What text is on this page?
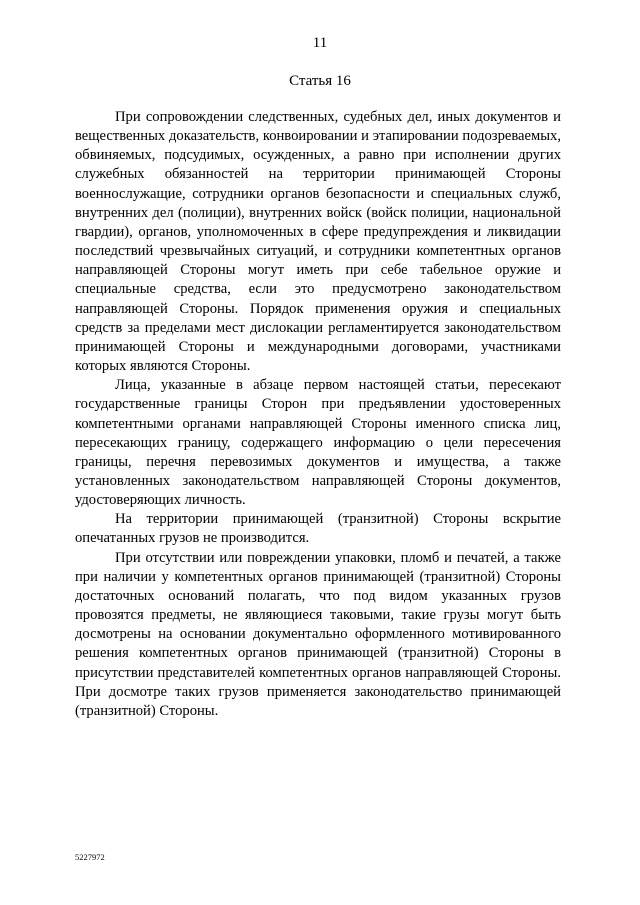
11
Статья 16

При сопровождении следственных, судебных дел, иных документов и вещественных доказательств, конвоировании и этапировании подозреваемых, обвиняемых, подсудимых, осужденных, а равно при исполнении других служебных обязанностей на территории принимающей Стороны военнослужащие, сотрудники органов безопасности и специальных служб, внутренних дел (полиции), внутренних войск (войск полиции, национальной гвардии), органов, уполномоченных в сфере предупреждения и ликвидации последствий чрезвычайных ситуаций, и сотрудники компетентных органов направляющей Стороны могут иметь при себе табельное оружие и специальные средства, если это предусмотрено законодательством направляющей Стороны. Порядок применения оружия и специальных средств за пределами мест дислокации регламентируется законодательством принимающей Стороны и международными договорами, участниками которых являются Стороны.

Лица, указанные в абзаце первом настоящей статьи, пересекают государственные границы Сторон при предъявлении удостоверенных компетентными органами направляющей Стороны именного списка лиц, пересекающих границу, содержащего информацию о цели пересечения границы, перечня перевозимых документов и имущества, а также установленных законодательством направляющей Стороны документов, удостоверяющих личность.

На территории принимающей (транзитной) Стороны вскрытие опечатанных грузов не производится.

При отсутствии или повреждении упаковки, пломб и печатей, а также при наличии у компетентных органов принимающей (транзитной) Стороны достаточных оснований полагать, что под видом указанных грузов провозятся предметы, не являющиеся таковыми, такие грузы могут быть досмотрены на основании документально оформленного мотивированного решения компетентных органов принимающей (транзитной) Стороны в присутствии представителей компетентных органов направляющей Стороны. При досмотре таких грузов применяется законодательство принимающей (транзитной) Стороны.

5227972
